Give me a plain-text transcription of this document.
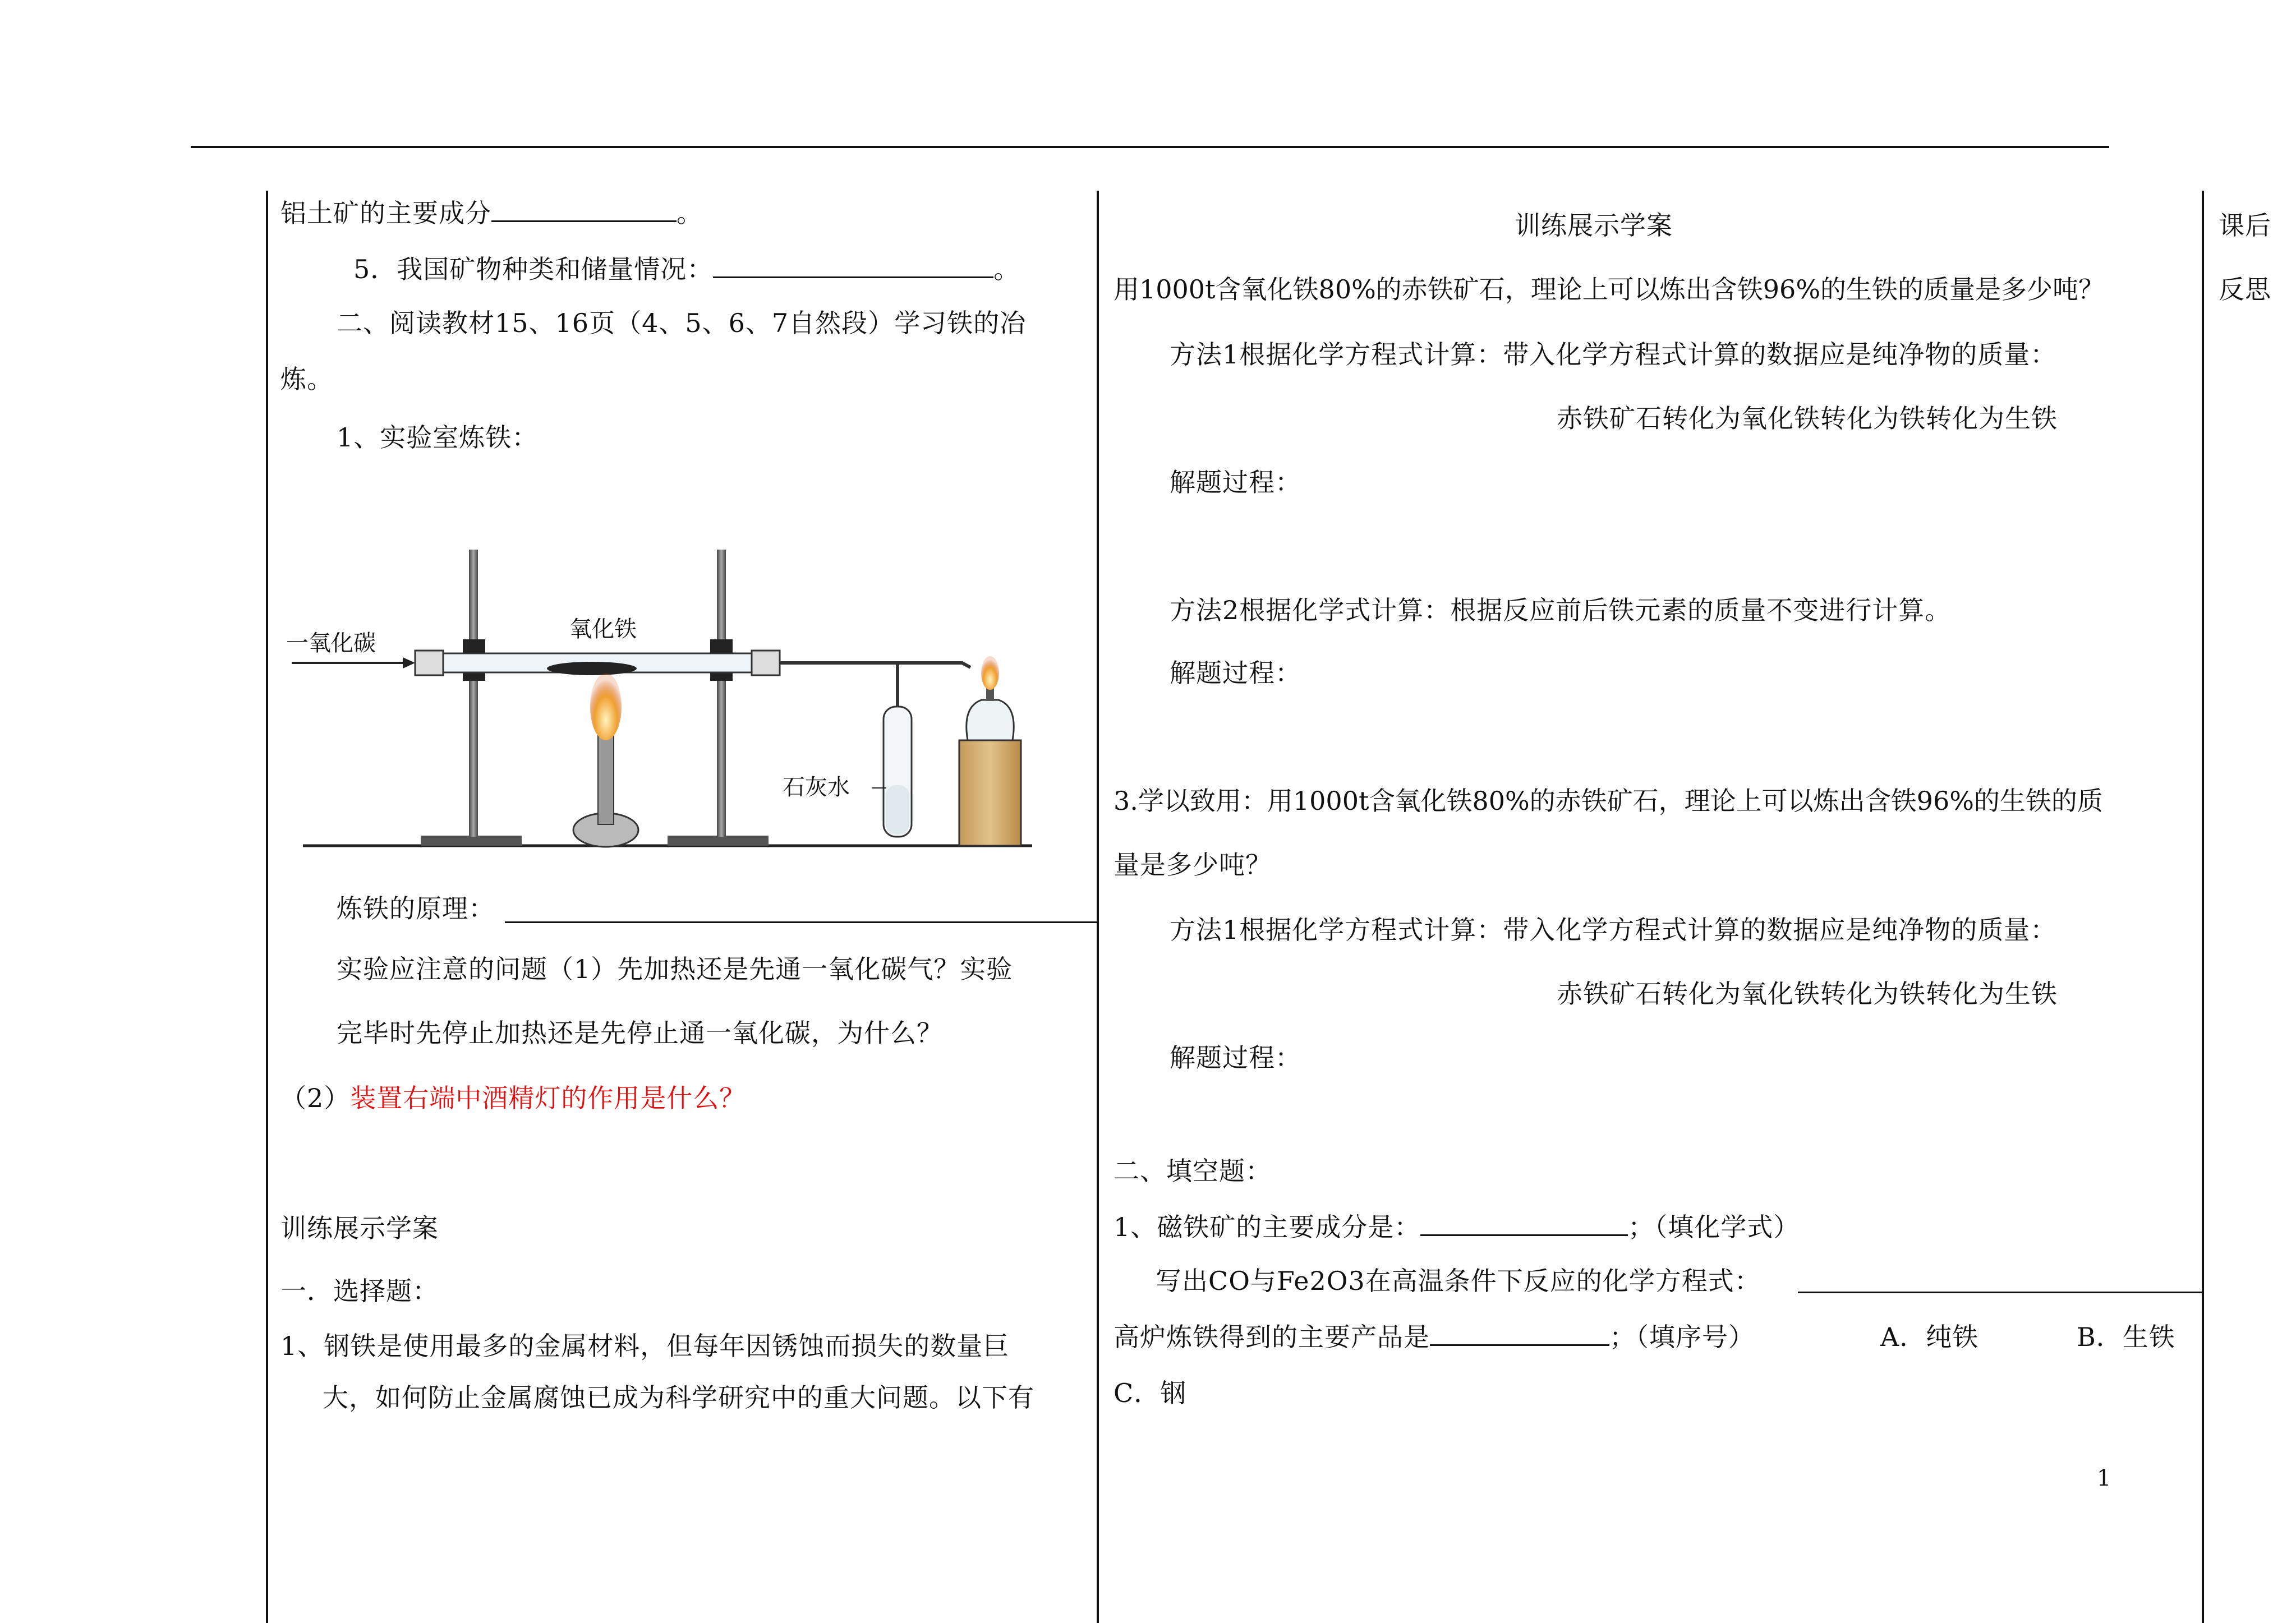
铝土矿的主要成分	。
5．我国矿物种类和储量情况：	。
二、阅读教材15、16页（4、5、6、7自然段）学习铁的冶
炼。
1、实验室炼铁：
一氧化碳
氧化铁
石灰水
炼铁的原理：
实验应注意的问题（1）先加热还是先通一氧化碳气？实验
完毕时先停止加热还是先停止通一氧化碳，为什么？
（2）装置右端中酒精灯的作用是什么？
训练展示学案
一．选择题：
1、钢铁是使用最多的金属材料，但每年因锈蚀而损失的数量巨
大，如何防止金属腐蚀已成为科学研究中的重大问题。以下有
训练展示学案
用1000t含氧化铁80%的赤铁矿石，理论上可以炼出含铁96%的生铁的质量是多少吨？
方法1根据化学方程式计算：带入化学方程式计算的数据应是纯净物的质量：
赤铁矿石转化为氧化铁转化为铁转化为生铁
解题过程：
方法2根据化学式计算：根据反应前后铁元素的质量不变进行计算。
解题过程：
3.学以致用：用1000t含氧化铁80%的赤铁矿石，理论上可以炼出含铁96%的生铁的质
量是多少吨？
方法1根据化学方程式计算：带入化学方程式计算的数据应是纯净物的质量：
赤铁矿石转化为氧化铁转化为铁转化为生铁
解题过程：
二、填空题：
1、磁铁矿的主要成分是：	；（填化学式）
写出CO与Fe2O3在高温条件下反应的化学方程式：
高炉炼铁得到的主要产品是	；（填序号）	A．纯铁	B．生铁
C．钢
课后
反思
1
